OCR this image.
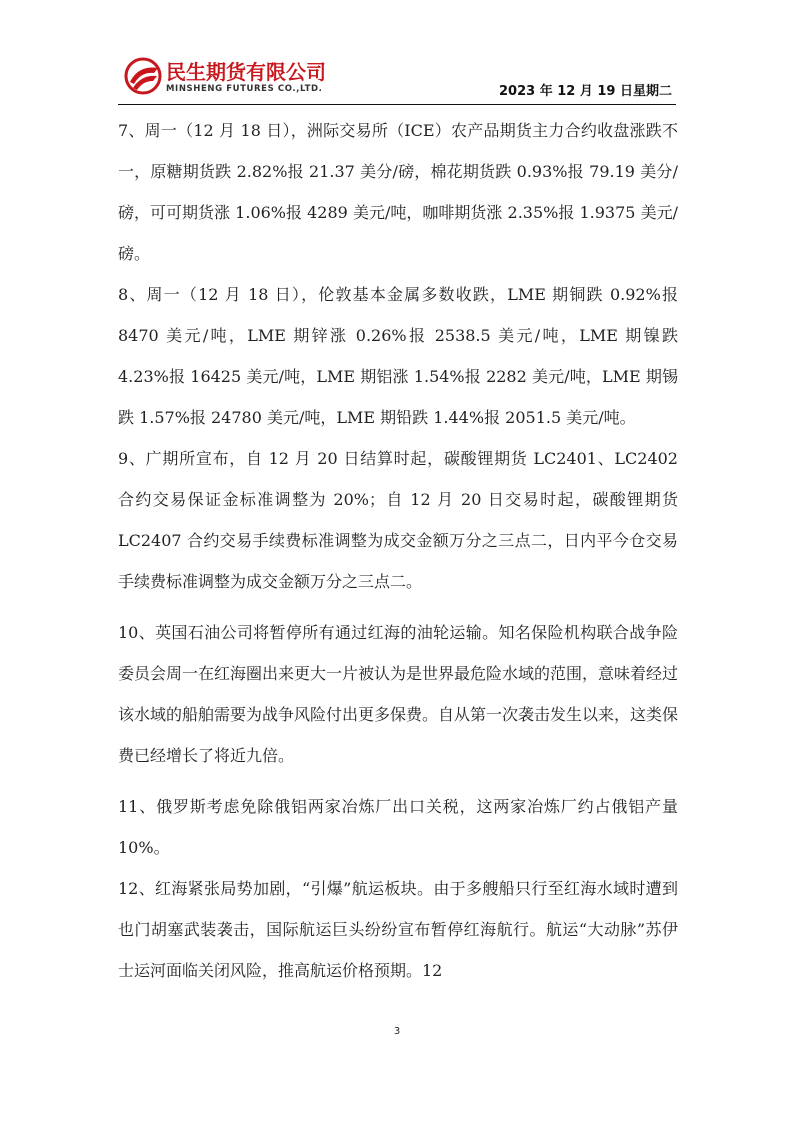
民生期货有限公司
MINSHENG FUTURES CO.,LTD.	2023 年 12 月 19 日星期二

7、周一（12 月 18 日），洲际交易所（ICE）农产品期货主力合约收盘涨跌不一，原糖期货跌 2.82%报 21.37 美分/磅，棉花期货跌 0.93%报 79.19 美分/磅，可可期货涨 1.06%报 4289 美元/吨，咖啡期货涨 2.35%报 1.9375 美元/磅。

8、周一（12 月 18 日），伦敦基本金属多数收跌，LME 期铜跌 0.92%报 8470 美元/吨，LME 期锌涨 0.26%报 2538.5 美元/吨，LME 期镍跌 4.23%报 16425 美元/吨，LME 期铝涨 1.54%报 2282 美元/吨，LME 期锡跌 1.57%报 24780 美元/吨，LME 期铅跌 1.44%报 2051.5 美元/吨。

9、广期所宣布，自 12 月 20 日结算时起，碳酸锂期货 LC2401、LC2402 合约交易保证金标准调整为 20%；自 12 月 20 日交易时起，碳酸锂期货 LC2407 合约交易手续费标准调整为成交金额万分之三点二，日内平今仓交易手续费标准调整为成交金额万分之三点二。

10、英国石油公司将暂停所有通过红海的油轮运输。知名保险机构联合战争险委员会周一在红海圈出来更大一片被认为是世界最危险水域的范围，意味着经过该水域的船舶需要为战争风险付出更多保费。自从第一次袭击发生以来，这类保费已经增长了将近九倍。

11、俄罗斯考虑免除俄铝两家冶炼厂出口关税，这两家冶炼厂约占俄铝产量 10%。

12、红海紧张局势加剧，“引爆”航运板块。由于多艘船只行至红海水域时遭到也门胡塞武装袭击，国际航运巨头纷纷宣布暂停红海航行。航运“大动脉”苏伊士运河面临关闭风险，推高航运价格预期。12

3
